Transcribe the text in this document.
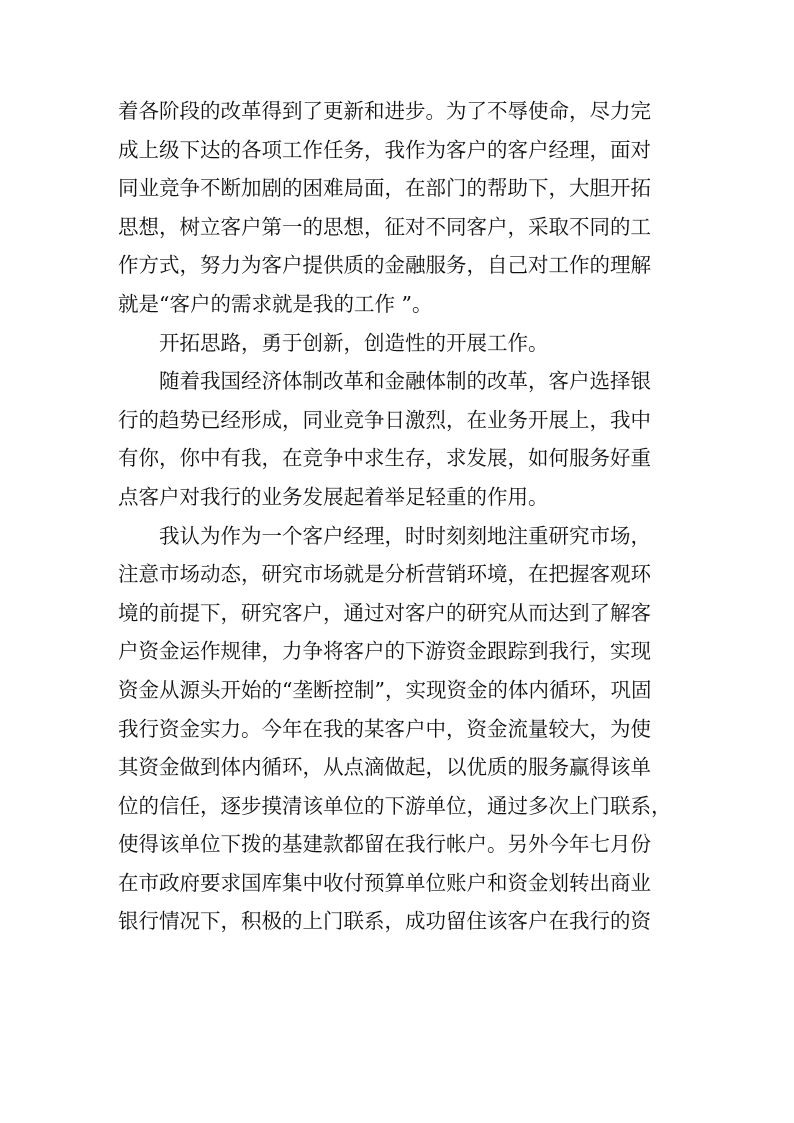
着各阶段的改革得到了更新和进步。为了不辱使命，尽力完
成上级下达的各项工作任务，我作为客户的客户经理，面对
同业竞争不断加剧的困难局面，在部门的帮助下，大胆开拓
思想，树立客户第一的思想，征对不同客户，采取不同的工
作方式，努力为客户提供质的金融服务，自己对工作的理解
就是“客户的需求就是我的工作 ”。
开拓思路，勇于创新，创造性的开展工作。
随着我国经济体制改革和金融体制的改革，客户选择银
行的趋势已经形成，同业竞争日激烈，在业务开展上，我中
有你，你中有我，在竞争中求生存，求发展，如何服务好重
点客户对我行的业务发展起着举足轻重的作用。
我认为作为一个客户经理，时时刻刻地注重研究市场，
注意市场动态，研究市场就是分析营销环境，在把握客观环
境的前提下，研究客户，通过对客户的研究从而达到了解客
户资金运作规律，力争将客户的下游资金跟踪到我行，实现
资金从源头开始的“垄断控制”，实现资金的体内循环，巩固
我行资金实力。今年在我的某客户中，资金流量较大，为使
其资金做到体内循环，从点滴做起，以优质的服务赢得该单
位的信任，逐步摸清该单位的下游单位，通过多次上门联系，
使得该单位下拨的基建款都留在我行帐户。另外今年七月份
在市政府要求国库集中收付预算单位账户和资金划转出商业
银行情况下，积极的上门联系，成功留住该客户在我行的资
